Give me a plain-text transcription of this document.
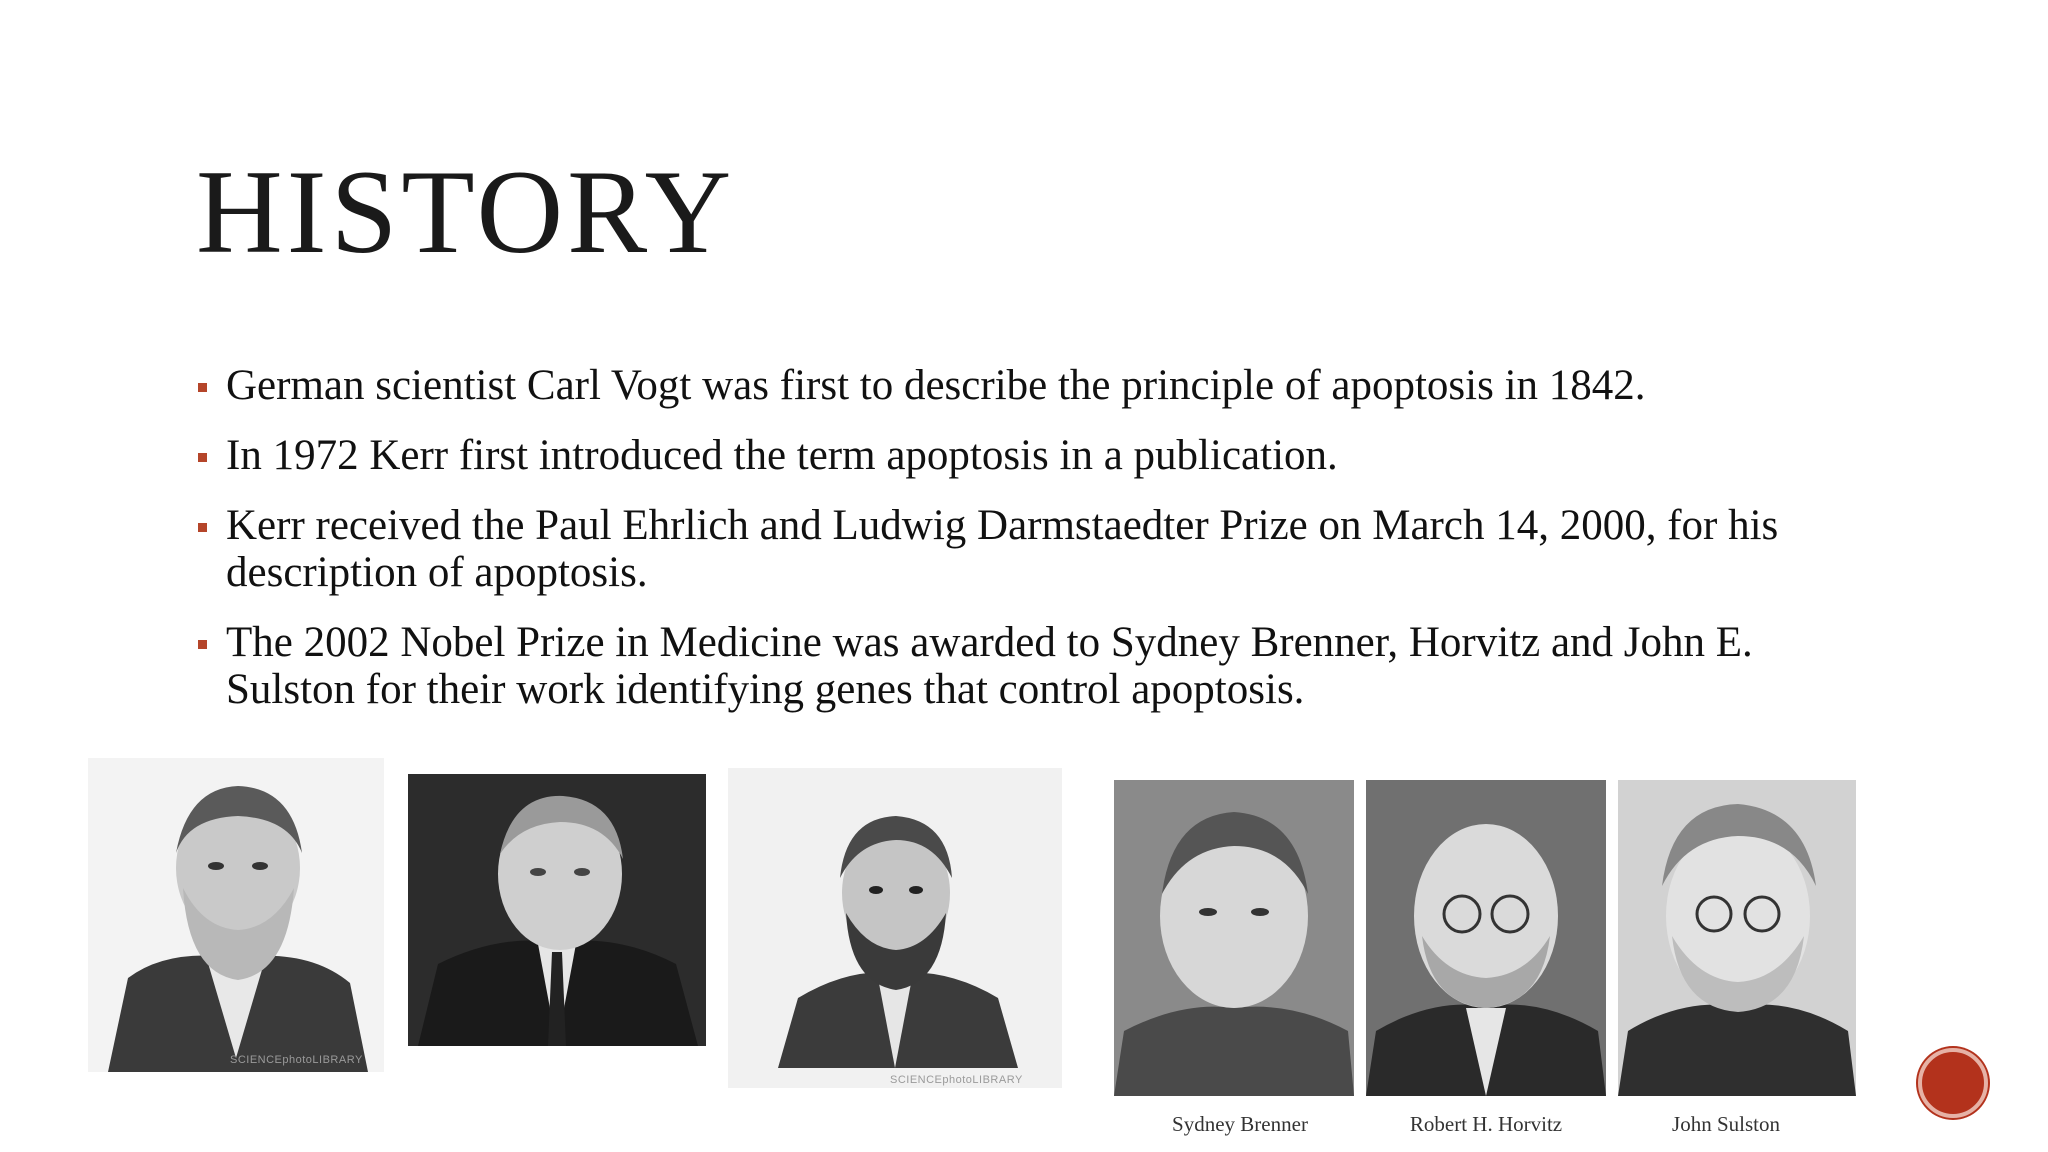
HISTORY
German scientist Carl Vogt was first to describe the principle of apoptosis in 1842.
In 1972 Kerr first introduced the term apoptosis in a publication.
Kerr received the Paul Ehrlich and Ludwig Darmstaedter Prize on March 14, 2000, for his description of apoptosis.
The 2002 Nobel Prize in Medicine was awarded to Sydney Brenner, Horvitz and John E. Sulston for their work identifying genes that control apoptosis.
SCIENCEphotoLIBRARY
SCIENCEphotoLIBRARY
Sydney Brenner	Robert H. Horvitz	John Sulston
